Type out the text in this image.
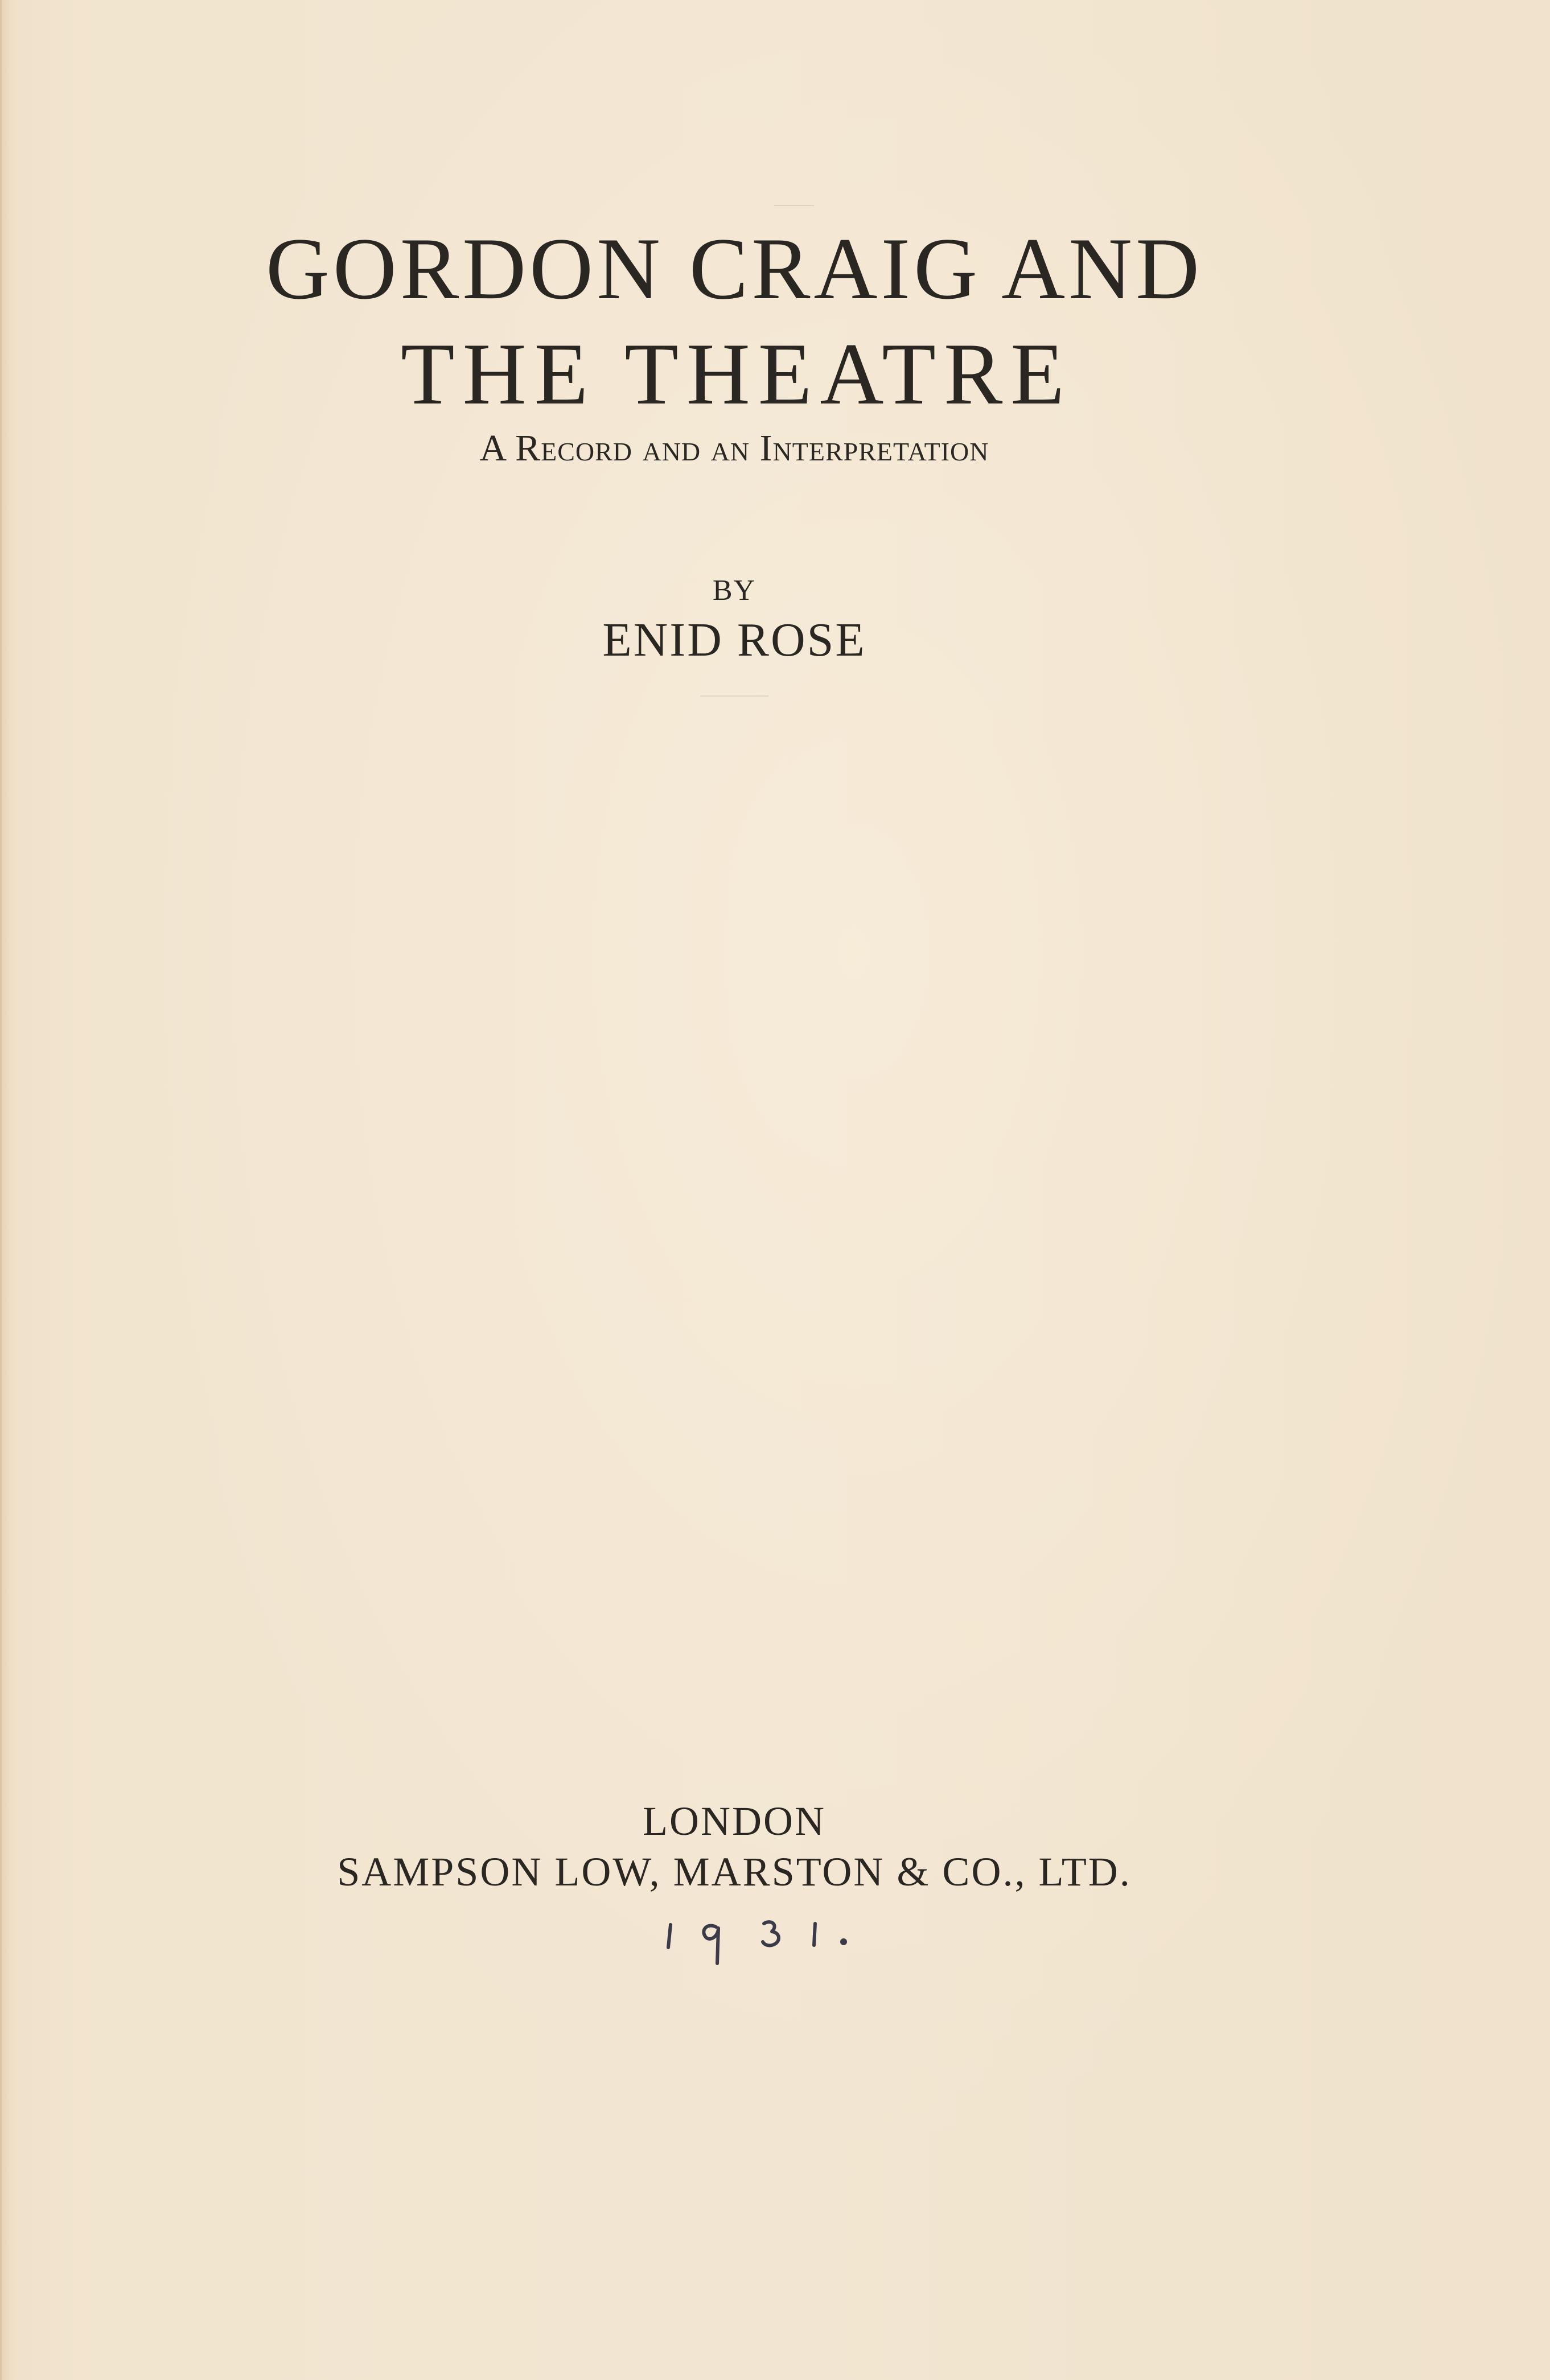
GORDON CRAIG AND
THE THEATRE
A Record and an Interpretation
BY
ENID ROSE
LONDON
SAMPSON LOW, MARSTON & CO., LTD.
